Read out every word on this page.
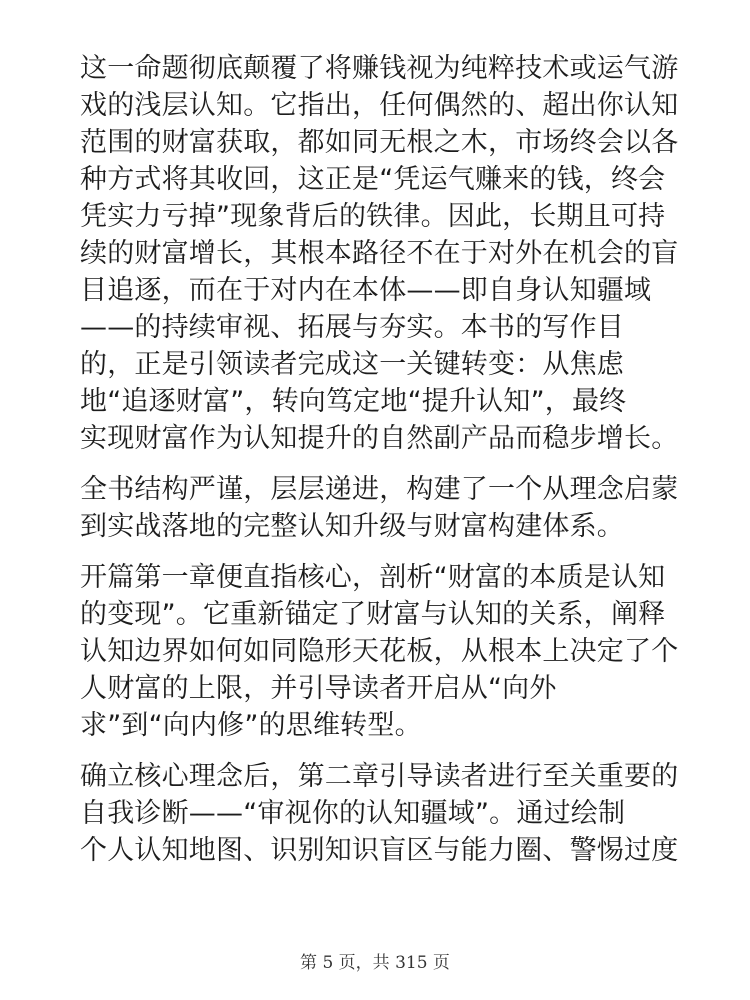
这一命题彻底颠覆了将赚钱视为纯粹技术或运气游
戏的浅层认知。它指出，任何偶然的、超出你认知
范围的财富获取，都如同无根之木，市场终会以各
种方式将其收回，这正是“凭运气赚来的钱，终会
凭实力亏掉”现象背后的铁律。因此，长期且可持
续的财富增长，其根本路径不在于对外在机会的盲
目追逐，而在于对内在本体——即自身认知疆域
——的持续审视、拓展与夯实。本书的写作目
的，正是引领读者完成这一关键转变：从焦虑
地“追逐财富”，转向笃定地“提升认知”，最终
实现财富作为认知提升的自然副产品而稳步增长。
全书结构严谨，层层递进，构建了一个从理念启蒙
到实战落地的完整认知升级与财富构建体系。
开篇第一章便直指核心，剖析“财富的本质是认知
的变现”。它重新锚定了财富与认知的关系，阐释
认知边界如何如同隐形天花板，从根本上决定了个
人财富的上限，并引导读者开启从“向外
求”到“向内修”的思维转型。
确立核心理念后，第二章引导读者进行至关重要的
自我诊断——“审视你的认知疆域”。通过绘制
个人认知地图、识别知识盲区与能力圈、警惕过度
第 5 页，共 315 页
